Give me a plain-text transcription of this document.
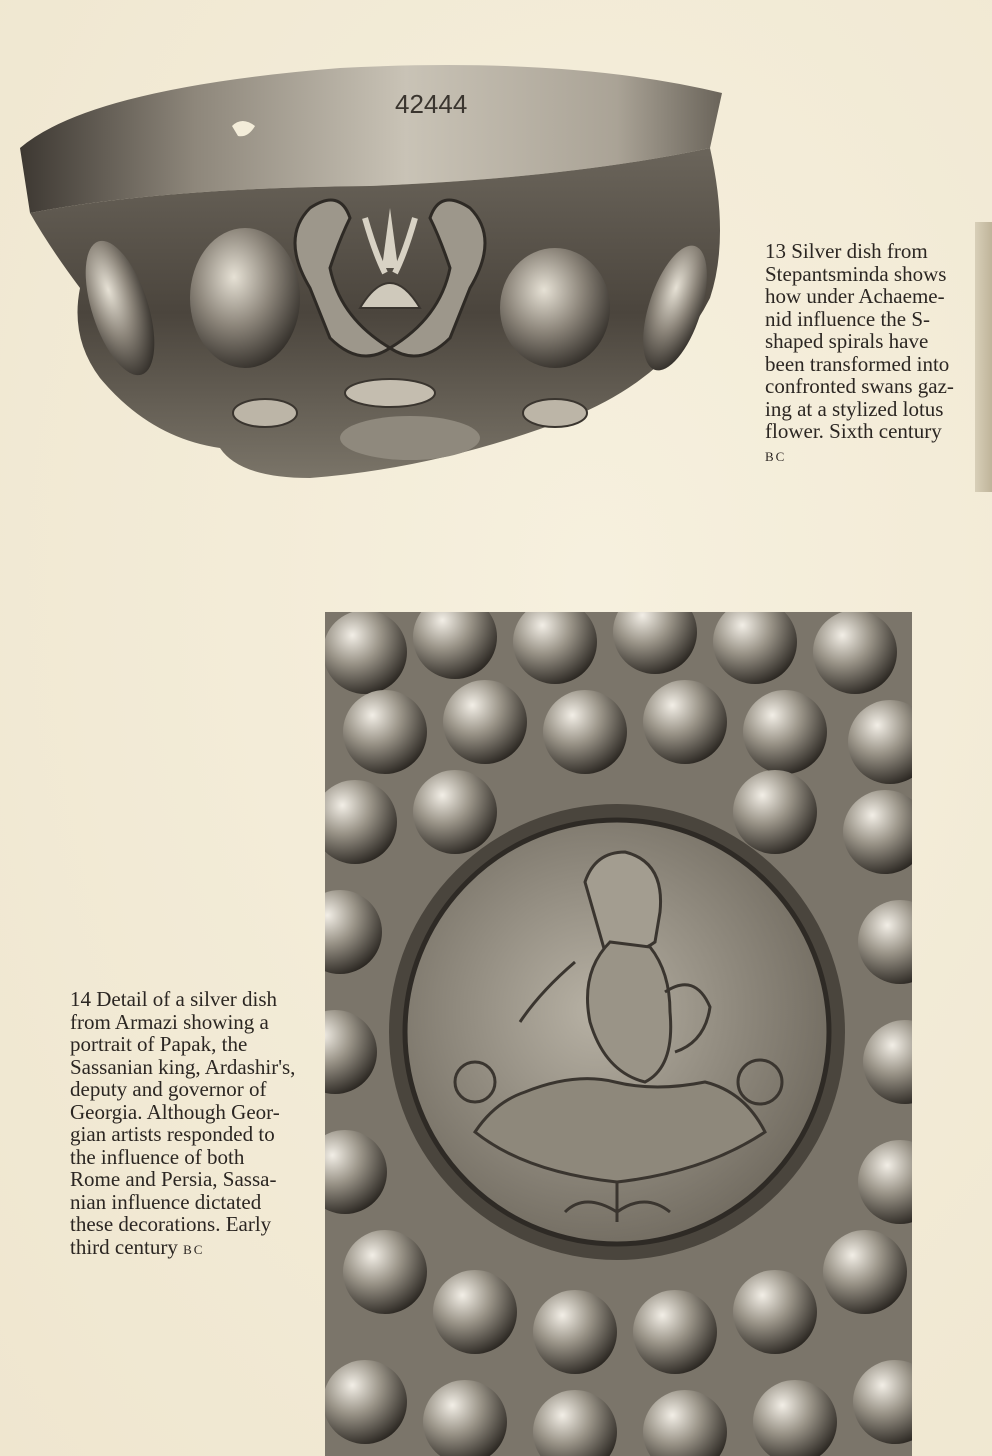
42444
13 Silver dish from
Stepantsminda shows
how under Achaeme-
nid influence the S-
shaped spirals have
been transformed into
confronted swans gaz-
ing at a stylized lotus
flower. Sixth century
BC
14 Detail of a silver dish
from Armazi showing a
portrait of Papak, the
Sassanian king, Ardashir's,
deputy and governor of
Georgia. Although Geor-
gian artists responded to
the influence of both
Rome and Persia, Sassa-
nian influence dictated
these decorations. Early
third century BC
